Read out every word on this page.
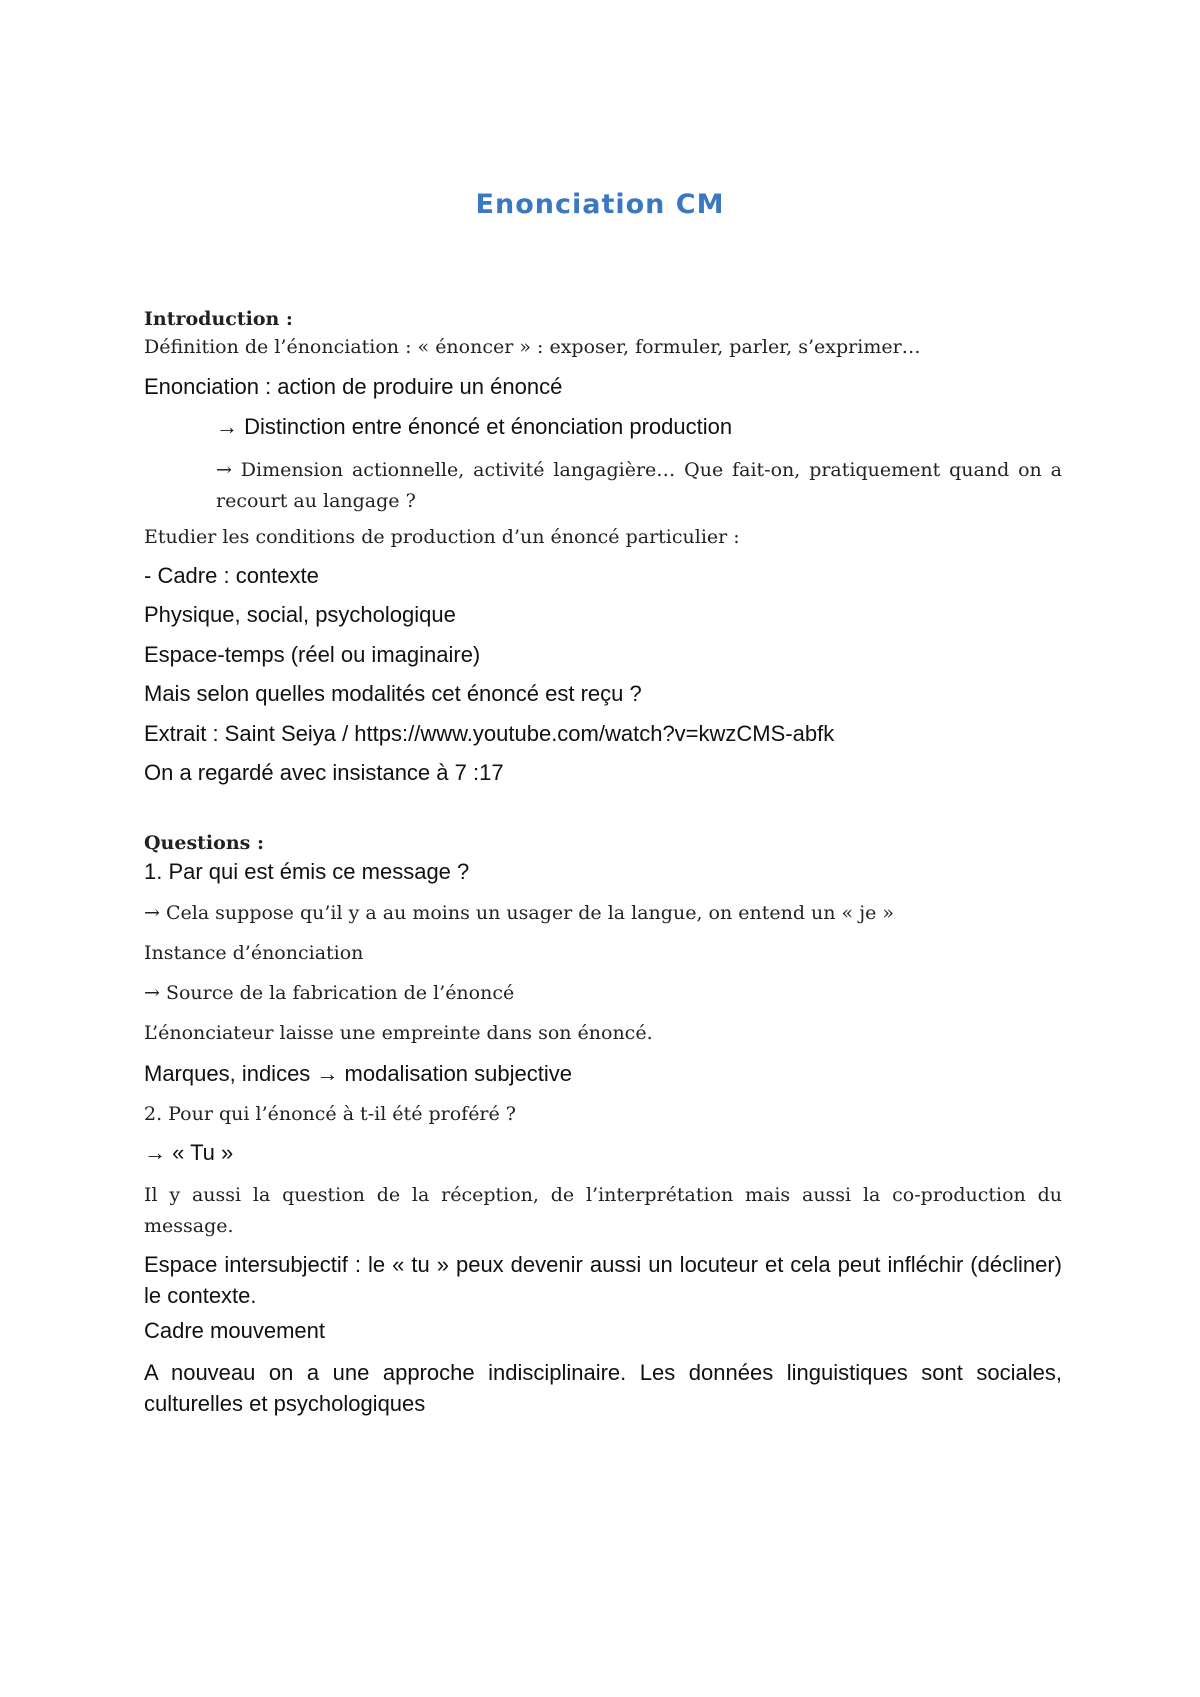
Enonciation CM
Introduction :
Définition de l’énonciation : « énoncer » : exposer, formuler, parler, s’exprimer…
Enonciation : action de produire un énoncé
→ Distinction entre énoncé et énonciation production
→ Dimension actionnelle, activité langagière… Que fait-on, pratiquement quand on a recourt au langage ?
Etudier les conditions de production d’un énoncé particulier :
- Cadre : contexte
Physique, social, psychologique
Espace-temps (réel ou imaginaire)
Mais selon quelles modalités cet énoncé est reçu ?
Extrait : Saint Seiya / https://www.youtube.com/watch?v=kwzCMS-abfk
On a regardé avec insistance à 7 :17
Questions :
1. Par qui est émis ce message ?
→ Cela suppose qu’il y a au moins un usager de la langue, on entend un « je »
Instance d’énonciation
→ Source de la fabrication de l’énoncé
L’énonciateur laisse une empreinte dans son énoncé.
Marques, indices → modalisation subjective
2. Pour qui l’énoncé à t-il été proféré ?
→ « Tu »
Il y aussi la question de la réception, de l’interprétation mais aussi la co-production du message.
Espace intersubjectif : le « tu » peux devenir aussi un locuteur et cela peut infléchir (décliner) le contexte.
Cadre mouvement
A nouveau on a une approche indisciplinaire. Les données linguistiques sont sociales, culturelles et psychologiques
